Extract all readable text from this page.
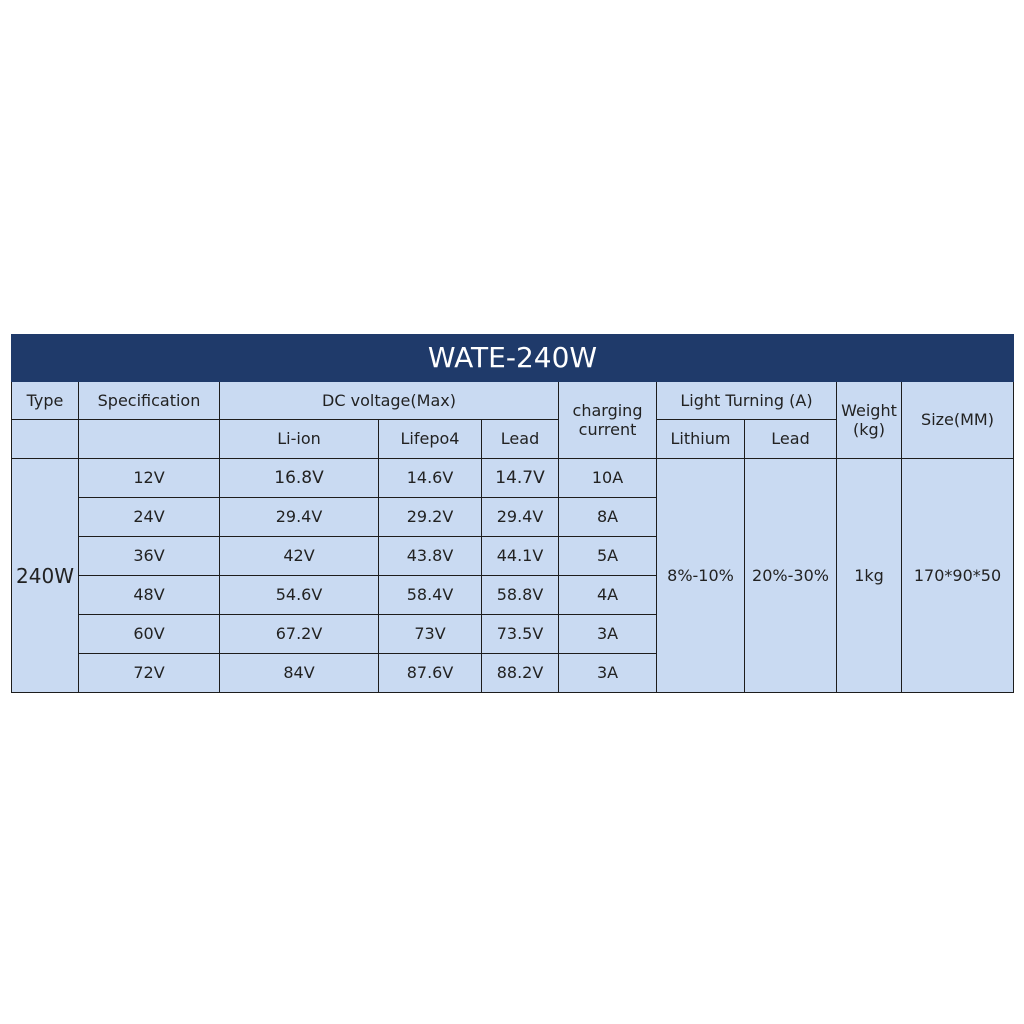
WATE-240W									
Type	Specification	DC voltage(Max)			charging current	Light Turning (A)		Weight (kg)	Size(MM)
		Li-ion	Lifepo4	Lead		Lithium	Lead		
240W	12V	16.8V	14.6V	14.7V	10A	8%-10%	20%-30%	1kg	170*90*50
	24V	29.4V	29.2V	29.4V	8A				
	36V	42V	43.8V	44.1V	5A				
	48V	54.6V	58.4V	58.8V	4A				
	60V	67.2V	73V	73.5V	3A				
	72V	84V	87.6V	88.2V	3A				
